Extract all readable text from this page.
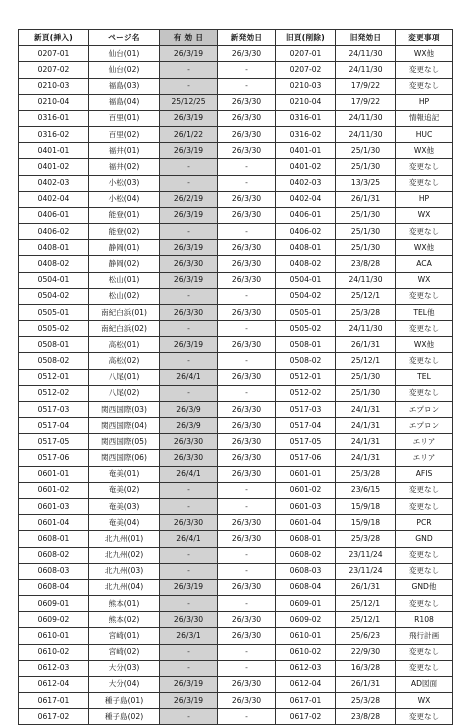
新頁(挿入)	ページ名	有 効 日	新発効日	旧頁(削除)	旧発効日	変更事項
0207-01	仙台(01)	26/3/19	26/3/30	0207-01	24/11/30	WX他
0207-02	仙台(02)	-	-	0207-02	24/11/30	変更なし
0210-03	福島(03)	-	-	0210-03	17/9/22	変更なし
0210-04	福島(04)	25/12/25	26/3/30	0210-04	17/9/22	HP
0316-01	百里(01)	26/3/19	26/3/30	0316-01	24/11/30	情報追記
0316-02	百里(02)	26/1/22	26/3/30	0316-02	24/11/30	HUC
0401-01	福井(01)	26/3/19	26/3/30	0401-01	25/1/30	WX他
0401-02	福井(02)	-	-	0401-02	25/1/30	変更なし
0402-03	小松(03)	-	-	0402-03	13/3/25	変更なし
0402-04	小松(04)	26/2/19	26/3/30	0402-04	26/1/31	HP
0406-01	能登(01)	26/3/19	26/3/30	0406-01	25/1/30	WX
0406-02	能登(02)	-	-	0406-02	25/1/30	変更なし
0408-01	静岡(01)	26/3/19	26/3/30	0408-01	25/1/30	WX他
0408-02	静岡(02)	26/3/30	26/3/30	0408-02	23/8/28	ACA
0504-01	松山(01)	26/3/19	26/3/30	0504-01	24/11/30	WX
0504-02	松山(02)	-	-	0504-02	25/12/1	変更なし
0505-01	南紀白浜(01)	26/3/30	26/3/30	0505-01	25/3/28	TEL他
0505-02	南紀白浜(02)	-	-	0505-02	24/11/30	変更なし
0508-01	高松(01)	26/3/19	26/3/30	0508-01	26/1/31	WX他
0508-02	高松(02)	-	-	0508-02	25/12/1	変更なし
0512-01	八尾(01)	26/4/1	26/3/30	0512-01	25/1/30	TEL
0512-02	八尾(02)	-	-	0512-02	25/1/30	変更なし
0517-03	関西国際(03)	26/3/9	26/3/30	0517-03	24/1/31	エプロン
0517-04	関西国際(04)	26/3/9	26/3/30	0517-04	24/1/31	エプロン
0517-05	関西国際(05)	26/3/30	26/3/30	0517-05	24/1/31	エリア
0517-06	関西国際(06)	26/3/30	26/3/30	0517-06	24/1/31	エリア
0601-01	奄美(01)	26/4/1	26/3/30	0601-01	25/3/28	AFIS
0601-02	奄美(02)	-	-	0601-02	23/6/15	変更なし
0601-03	奄美(03)	-	-	0601-03	15/9/18	変更なし
0601-04	奄美(04)	26/3/30	26/3/30	0601-04	15/9/18	PCR
0608-01	北九州(01)	26/4/1	26/3/30	0608-01	25/3/28	GND
0608-02	北九州(02)	-	-	0608-02	23/11/24	変更なし
0608-03	北九州(03)	-	-	0608-03	23/11/24	変更なし
0608-04	北九州(04)	26/3/19	26/3/30	0608-04	26/1/31	GND他
0609-01	熊本(01)	-	-	0609-01	25/12/1	変更なし
0609-02	熊本(02)	26/3/30	26/3/30	0609-02	25/12/1	R108
0610-01	宮崎(01)	26/3/1	26/3/30	0610-01	25/6/23	飛行計画
0610-02	宮崎(02)	-	-	0610-02	22/9/30	変更なし
0612-03	大分(03)	-	-	0612-03	16/3/28	変更なし
0612-04	大分(04)	26/3/19	26/3/30	0612-04	26/1/31	AD図面
0617-01	種子島(01)	26/3/19	26/3/30	0617-01	25/3/28	WX
0617-02	種子島(02)	-	-	0617-02	23/8/28	変更なし
